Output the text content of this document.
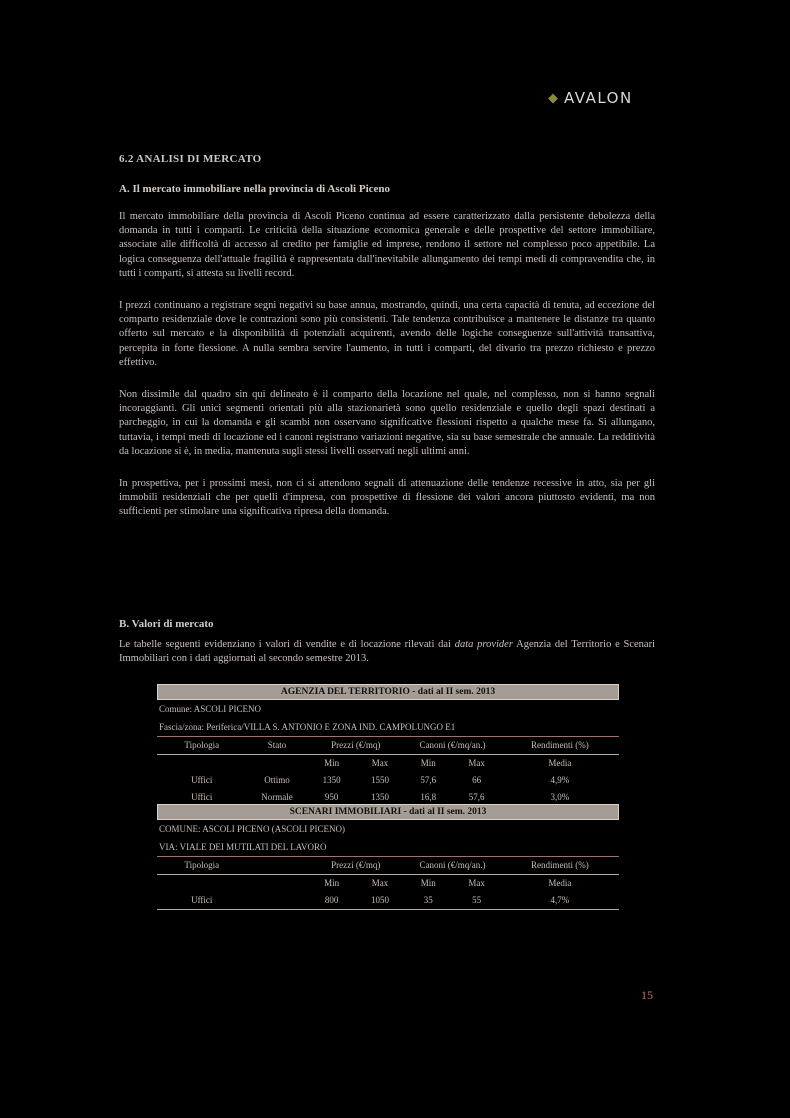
◆ AVALON
6.2 ANALISI DI MERCATO
A. Il mercato immobiliare nella provincia di Ascoli Piceno

Il mercato immobiliare della provincia di Ascoli Piceno continua ad essere caratterizzato dalla persistente debolezza della domanda in tutti i comparti. Le criticità della situazione economica generale e delle prospettive del settore immobiliare, associate alle difficoltà di accesso al credito per famiglie ed imprese, rendono il settore nel complesso poco appetibile. La logica conseguenza dell'attuale fragilità è rappresentata dall'inevitabile allungamento dei tempi medi di compravendita che, in tutti i comparti, si attesta su livelli record.

I prezzi continuano a registrare segni negativi su base annua, mostrando, quindi, una certa capacità di tenuta, ad eccezione del comparto residenziale dove le contrazioni sono più consistenti. Tale tendenza contribuisce a mantenere le distanze tra quanto offerto sul mercato e la disponibilità di potenziali acquirenti, avendo delle logiche conseguenze sull'attività transattiva, percepita in forte flessione. A nulla sembra servire l'aumento, in tutti i comparti, del divario tra prezzo richiesto e prezzo effettivo.

Non dissimile dal quadro sin qui delineato è il comparto della locazione nel quale, nel complesso, non si hanno segnali incoraggianti. Gli unici segmenti orientati più alla stazionarietà sono quello residenziale e quello degli spazi destinati a parcheggio, in cui la domanda e gli scambi non osservano significative flessioni rispetto a qualche mese fa. Si allungano, tuttavia, i tempi medi di locazione ed i canoni registrano variazioni negative, sia su base semestrale che annuale. La redditività da locazione si è, in media, mantenuta sugli stessi livelli osservati negli ultimi anni.

In prospettiva, per i prossimi mesi, non ci si attendono segnali di attenuazione delle tendenze recessive in atto, sia per gli immobili residenziali che per quelli d'impresa, con prospettive di flessione dei valori ancora piuttosto evidenti, ma non sufficienti per stimolare una significativa ripresa della domanda.

B. Valori di mercato

Le tabelle seguenti evidenziano i valori di vendite e di locazione rilevati dai data provider Agenzia del Territorio e Scenari Immobiliari con i dati aggiornati al secondo semestre 2013.

AGENZIA DEL TERRITORIO - dati al II sem. 2013
Comune: ASCOLI PICENO
Fascia/zona: Periferica/VILLA S. ANTONIO E ZONA IND. CAMPOLUNGO E1
Tipologia	Stato	Prezzi (€/mq)	Canoni (€/mq/an.)	Rendimenti (%)
Min	Max	Min	Max	Media
Uffici	Ottimo	1350	1550	57,6	66	4,9%
Uffici	Normale	950	1350	16,8	57,6	3,0%
SCENARI IMMOBILIARI - dati al II sem. 2013
COMUNE: ASCOLI PICENO (ASCOLI PICENO)
VIA: VIALE DEI MUTILATI DEL LAVORO
Tipologia	Prezzi (€/mq)	Canoni (€/mq/an.)	Rendimenti (%)
Min	Max	Min	Max	Media
Uffici	800	1050	35	55	4,7%
15
